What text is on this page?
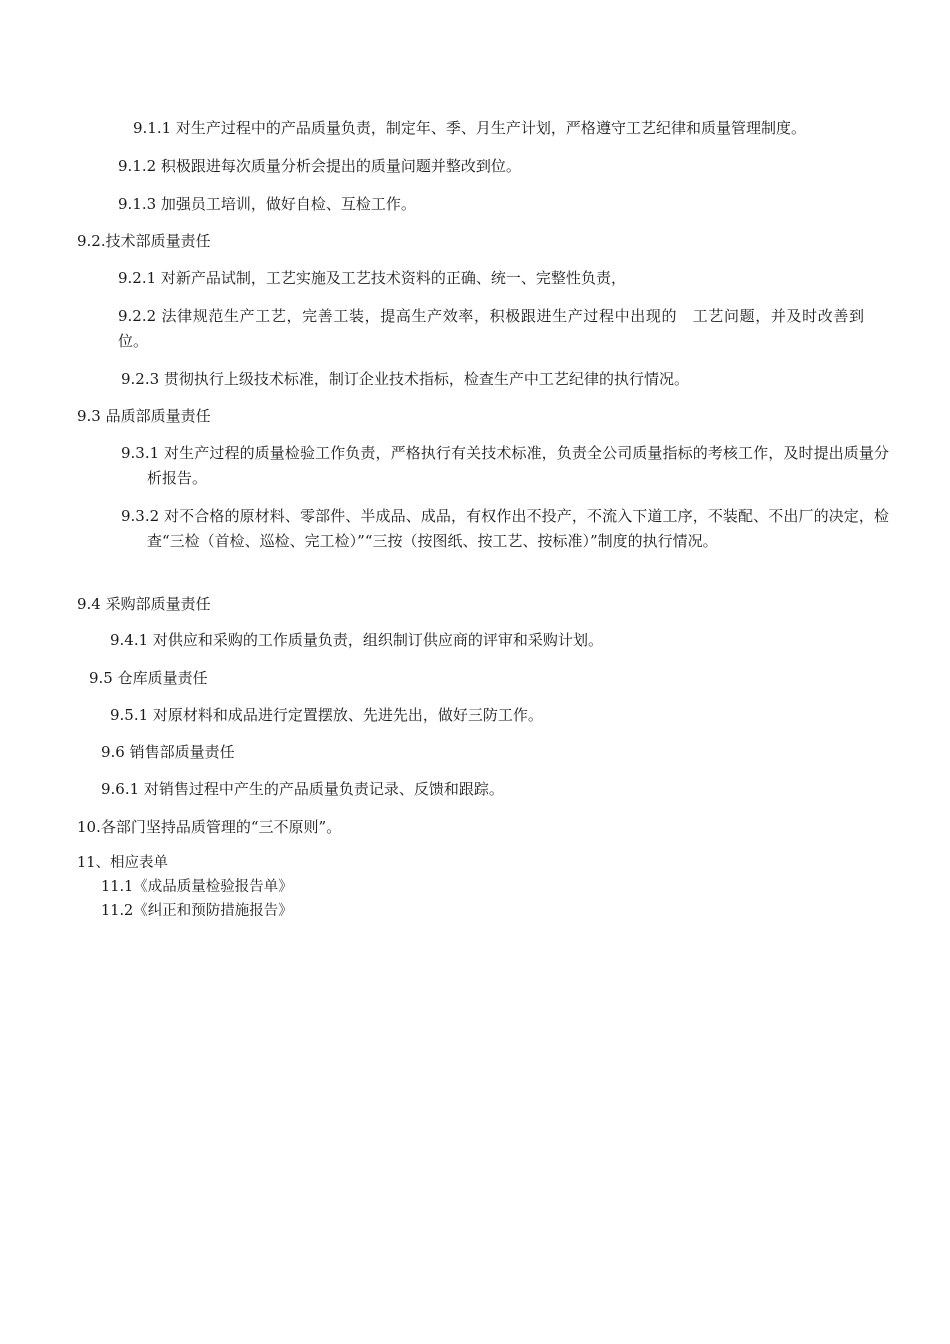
9.1.1 对生产过程中的产品质量负责，制定年、季、月生产计划，严格遵守工艺纪律和质量管理制度。
9.1.2 积极跟进每次质量分析会提出的质量问题并整改到位。
9.1.3 加强员工培训，做好自检、互检工作。
9.2.技术部质量责任
9.2.1 对新产品试制，工艺实施及工艺技术资料的正确、统一、完整性负责，
9.2.2 法律规范生产工艺，完善工装，提高生产效率，积极跟进生产过程中出现的　工艺问题，并及时改善到位。
9.2.3 贯彻执行上级技术标准，制订企业技术指标，检查生产中工艺纪律的执行情况。
9.3 品质部质量责任
9.3.1 对生产过程的质量检验工作负责，严格执行有关技术标准，负责全公司质量指标的考核工作，及时提出质量分析报告。
9.3.2 对不合格的原材料、零部件、半成品、成品，有权作出不投产，不流入下道工序，不装配、不出厂的决定，检查“三检（首检、巡检、完工检）”“三按（按图纸、按工艺、按标准）”制度的执行情况。
9.4 采购部质量责任
9.4.1 对供应和采购的工作质量负责，组织制订供应商的评审和采购计划。
9.5 仓库质量责任
9.5.1 对原材料和成品进行定置摆放、先进先出，做好三防工作。
9.6 销售部质量责任
9.6.1 对销售过程中产生的产品质量负责记录、反馈和跟踪。
10.各部门坚持品质管理的“三不原则”。
11、相应表单
11.1《成品质量检验报告单》
11.2《纠正和预防措施报告》
